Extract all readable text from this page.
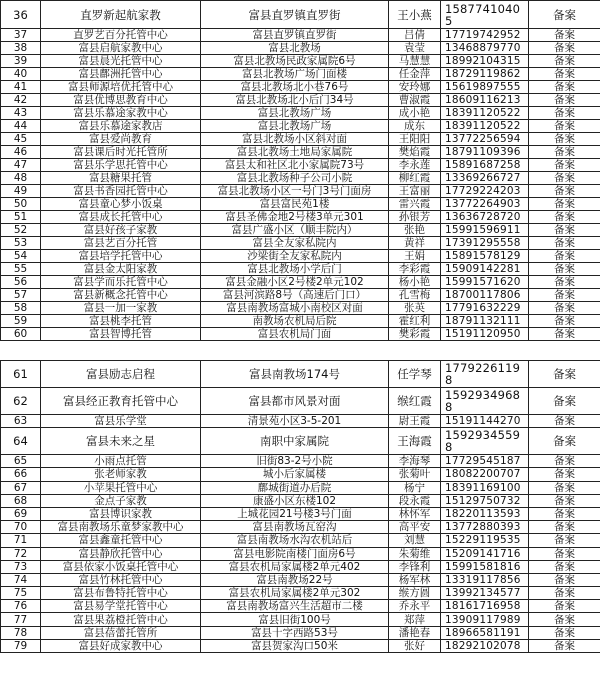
36	直罗新起航家教	富县直罗镇直罗街	王小燕	15877410405	备案
37	直罗艺百分托管中心	富县直罗镇直罗街	吕倩	17719742952	备案
38	富县启航家教中心	富县北教场	袁莹	13468879770	备案
39	富县晨光托管中心	富县北教场民政家属院6号	马慧慧	18992104315	备案
40	富县鄜洲托管中心	富县北教场广场门面楼	任金萍	18729119862	备案
41	富县师源培优托管中心	富县北教场北小巷76号	安玲娜	15619897555	备案
42	富县优博思教育中心	富县北教场北小后门34号	曹淑霞	18609116213	备案
43	富县乐慕途家教中心	富县北教场广场	成小艳	18391120522	备案
44	富县乐慕途家教店	富县北教场广场	成东	18391120522	备案
45	富县爱尚教育	富县北教场小区斜对面	王阳阳	13772256594	备案
46	富县课后时光托管所	富县北教场土地局家属院	樊焰霞	18791109396	备案
47	富县乐学思托管中心	富县太和社区北小家属院73号	李永莲	15891687258	备案
48	富县糖果托管	富县北教场种子公司小院	柳红霞	13369266727	备案
49	富县书香园托管中心	富县北教场小区一号门3号门面房	王富丽	17729224203	备案
50	富县童心梦小饭桌	富县富民苑1楼	雷兴霞	13772264903	备案
51	富县成长托管中心	富县圣佛金地2号楼3单元301	孙银芳	13636728720	备案
52	富县好孩子家教	富县广盛小区（顺丰院内）	张艳	15991596911	备案
53	富县艺百分托管	富县全友家私院内	黄祥	17391295558	备案
54	富县培学托管中心	沙梁街全友家私院内	王娟	15891578129	备案
55	富县金太阳家教	富县北教场小学后门	李彩霞	15909142281	备案
56	富县学而乐托管中心	富县金融小区2号楼2单元102	杨小艳	15991571620	备案
57	富县新概念托管中心	富县河滨路8号（高速后门口）	孔雪梅	18700117806	备案
58	富县一加一家教	富县南教场富城小南校区对面	张英	17791632229	备案
59	富县桃李托管	南教场农机局后院	霍红利	18791132111	备案
60	富县智博托管	富县农机局门面	樊彩霞	15191120950	备案
61	富县励志启程	富县南教场174号	任学琴	17792261198	备案
62	富县经正教育托管中心	富县都市风景对面	缑红霞	15929349688	备案
63	富县乐学堂	清景苑小区3-5-201	尉王霞	15191144270	备案
64	富县未来之星	南职中家属院	王海霞	15929345598	备案
65	小雨点托管	旧街83-2号小院	李海琴	17729545187	备案
66	张老师家教	城小后家属楼	张菊叶	18082200707	备案
67	小苹果托管中心	鄜城街道办后院	杨宁	18391169100	备案
68	金点子家教	康盛小区东楼102	段永霞	15129750732	备案
69	富县博识家教	上城花园21号楼3号门面	林怀军	18220113593	备案
70	富县南教场乐童梦家教中心	富县南教场瓦窑沟	高平安	13772880393	备案
71	富县鑫童托管中心	富县南教场水沟农机站后	刘慧	15229119535	备案
72	富县静欣托管中心	富县电影院南楼门面房6号	朱菊维	15209141716	备案
73	富县依家小饭桌托管中心	富县农机局家属楼2单元402	李锋利	15991581816	备案
74	富县竹林托管中心	富县南教场22号	杨军林	13319117856	备案
75	富县布鲁特托管中心	富县农机局家属楼2单元302	缑方圆	13992134577	备案
76	富县易学堂托管中心	富县南教场富兴生活超市二楼	乔永平	18161716958	备案
77	富县果荔橙托管中心	富县旧街100号	郑萍	13909117989	备案
78	富县蓓蕾托管所	富县十字西路53号	潘艳春	18966581191	备案
79	富县好成家教中心	富县贺家沟口50米	张好	18292102078	备案
